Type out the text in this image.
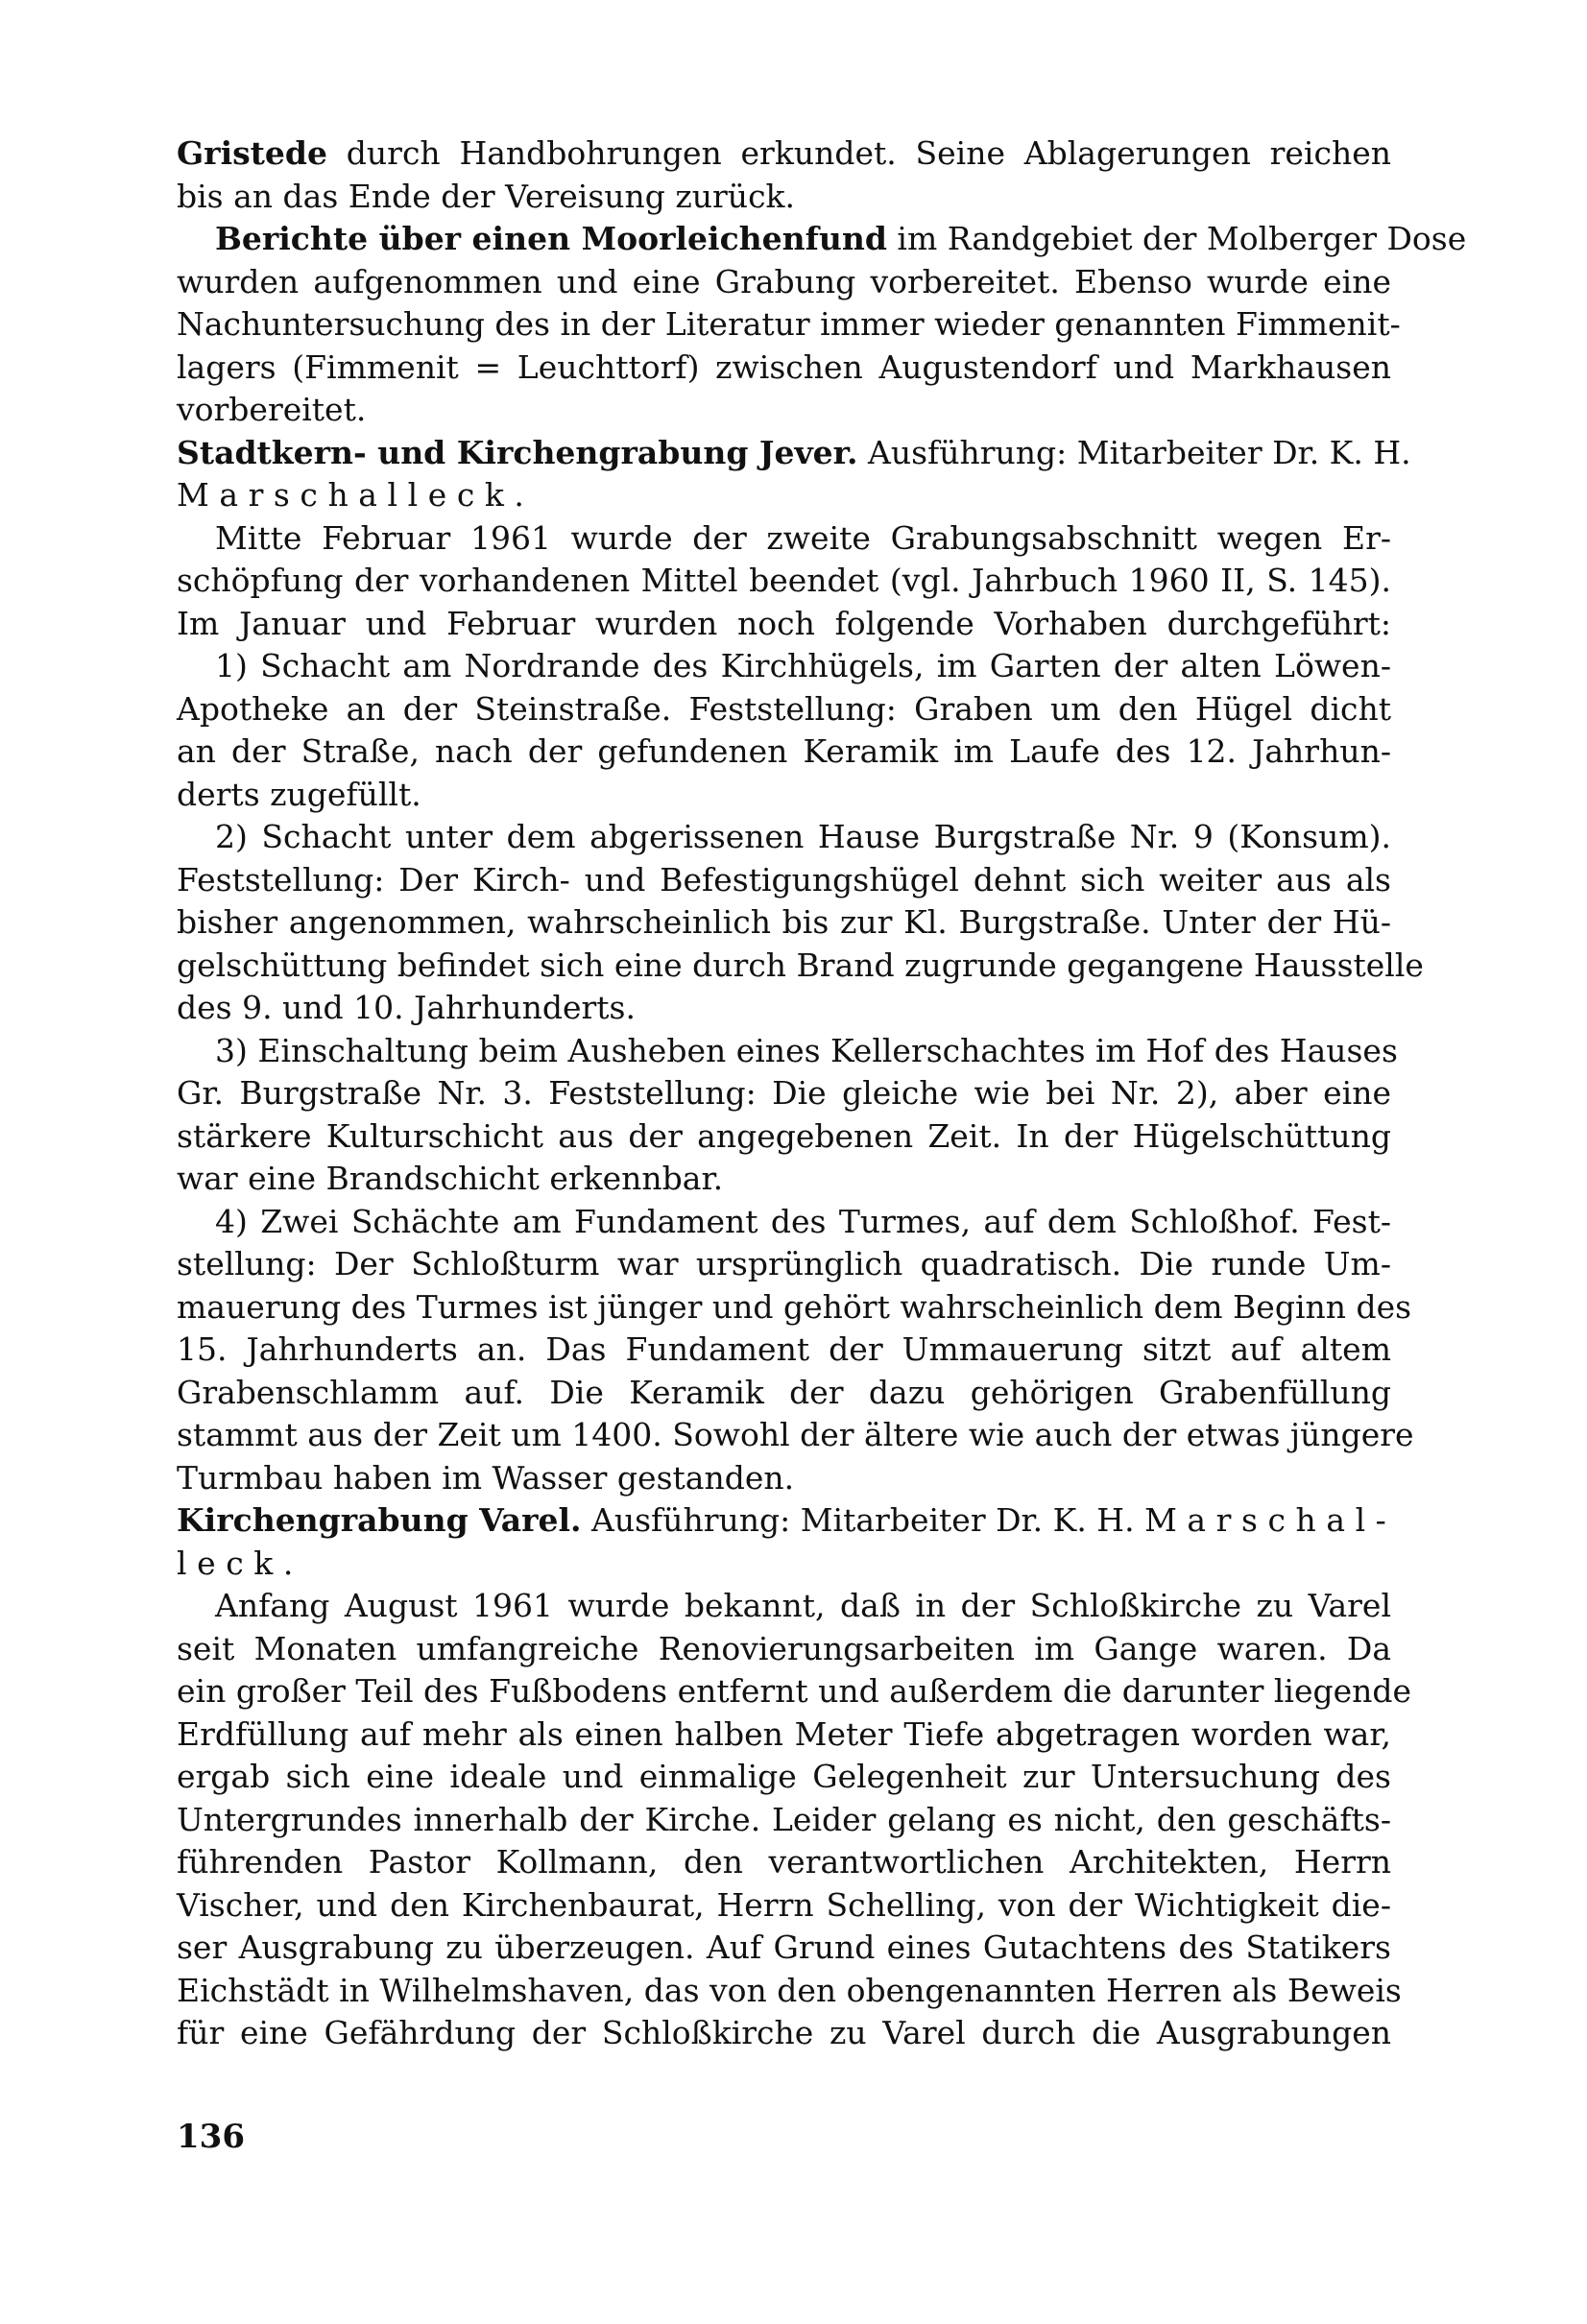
Gristede durch Handbohrungen erkundet. Seine Ablagerungen reichen
bis an das Ende der Vereisung zurück.
Berichte über einen Moorleichenfund im Randgebiet der Molberger Dose
wurden aufgenommen und eine Grabung vorbereitet. Ebenso wurde eine
Nachuntersuchung des in der Literatur immer wieder genannten Fimmenit-
lagers (Fimmenit = Leuchttorf) zwischen Augustendorf und Markhausen
vorbereitet.
Stadtkern- und Kirchengrabung Jever. Ausführung: Mitarbeiter Dr. K. H.
Marschalleck.
Mitte Februar 1961 wurde der zweite Grabungsabschnitt wegen Er-
schöpfung der vorhandenen Mittel beendet (vgl. Jahrbuch 1960 II, S. 145).
Im Januar und Februar wurden noch folgende Vorhaben durchgeführt:
1) Schacht am Nordrande des Kirchhügels, im Garten der alten Löwen-
Apotheke an der Steinstraße. Feststellung: Graben um den Hügel dicht
an der Straße, nach der gefundenen Keramik im Laufe des 12. Jahrhun-
derts zugefüllt.
2) Schacht unter dem abgerissenen Hause Burgstraße Nr. 9 (Konsum).
Feststellung: Der Kirch- und Befestigungshügel dehnt sich weiter aus als
bisher angenommen, wahrscheinlich bis zur Kl. Burgstraße. Unter der Hü-
gelschüttung befindet sich eine durch Brand zugrunde gegangene Hausstelle
des 9. und 10. Jahrhunderts.
3) Einschaltung beim Ausheben eines Kellerschachtes im Hof des Hauses
Gr. Burgstraße Nr. 3. Feststellung: Die gleiche wie bei Nr. 2), aber eine
stärkere Kulturschicht aus der angegebenen Zeit. In der Hügelschüttung
war eine Brandschicht erkennbar.
4) Zwei Schächte am Fundament des Turmes, auf dem Schloßhof. Fest-
stellung: Der Schloßturm war ursprünglich quadratisch. Die runde Um-
mauerung des Turmes ist jünger und gehört wahrscheinlich dem Beginn des
15. Jahrhunderts an. Das Fundament der Ummauerung sitzt auf altem
Grabenschlamm auf. Die Keramik der dazu gehörigen Grabenfüllung
stammt aus der Zeit um 1400. Sowohl der ältere wie auch der etwas jüngere
Turmbau haben im Wasser gestanden.
Kirchengrabung Varel. Ausführung: Mitarbeiter Dr. K. H. Marschal-
leck.
Anfang August 1961 wurde bekannt, daß in der Schloßkirche zu Varel
seit Monaten umfangreiche Renovierungsarbeiten im Gange waren. Da
ein großer Teil des Fußbodens entfernt und außerdem die darunter liegende
Erdfüllung auf mehr als einen halben Meter Tiefe abgetragen worden war,
ergab sich eine ideale und einmalige Gelegenheit zur Untersuchung des
Untergrundes innerhalb der Kirche. Leider gelang es nicht, den geschäfts-
führenden Pastor Kollmann, den verantwortlichen Architekten, Herrn
Vischer, und den Kirchenbaurat, Herrn Schelling, von der Wichtigkeit die-
ser Ausgrabung zu überzeugen. Auf Grund eines Gutachtens des Statikers
Eichstädt in Wilhelmshaven, das von den obengenannten Herren als Beweis
für eine Gefährdung der Schloßkirche zu Varel durch die Ausgrabungen
136
